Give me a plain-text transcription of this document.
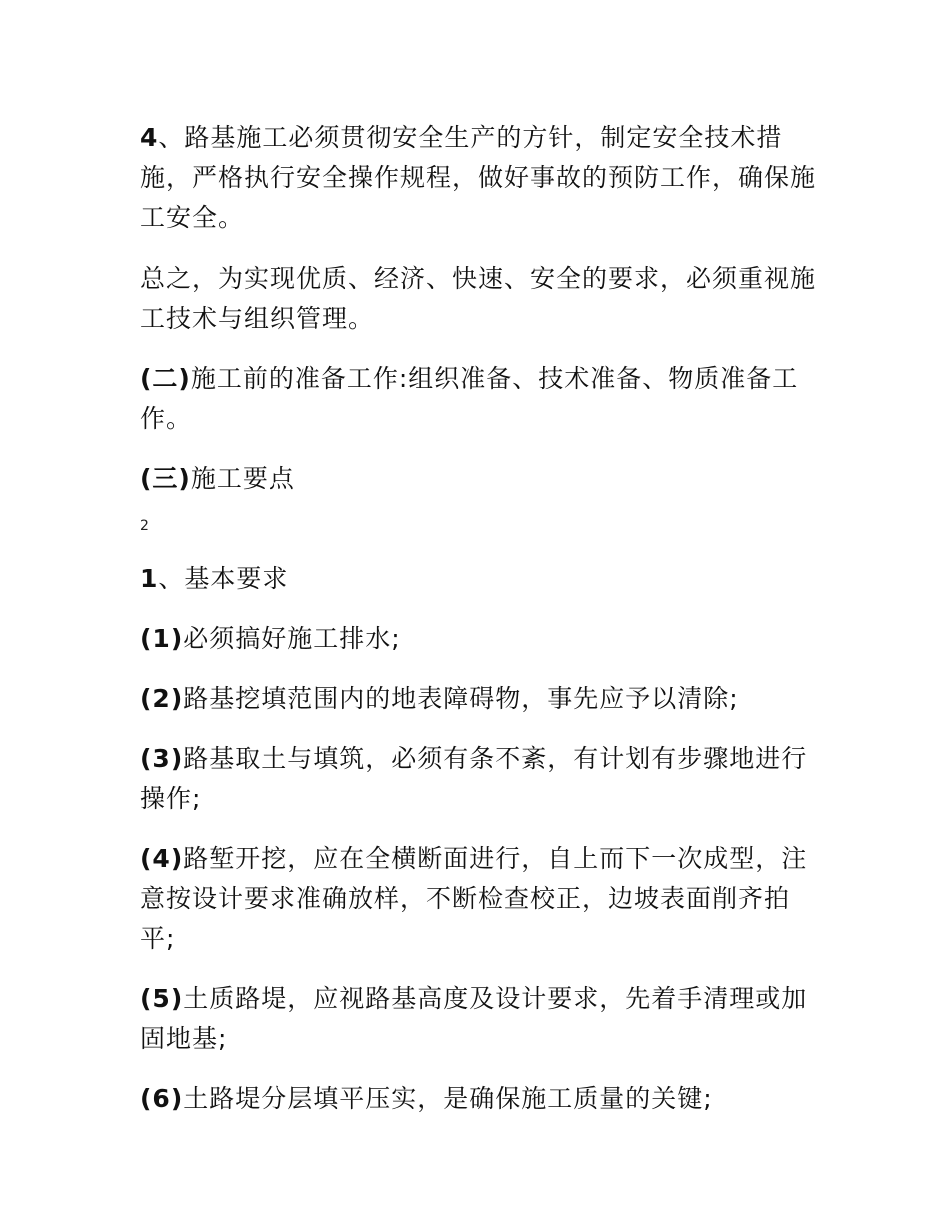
4、路基施工必须贯彻安全生产的方针，制定安全技术措施，严格执行安全操作规程，做好事故的预防工作，确保施工安全。

总之，为实现优质、经济、快速、安全的要求，必须重视施工技术与组织管理。

(二)施工前的准备工作:组织准备、技术准备、物质准备工作。

(三)施工要点

2

1、基本要求

(1)必须搞好施工排水;

(2)路基挖填范围内的地表障碍物，事先应予以清除;

(3)路基取土与填筑，必须有条不紊，有计划有步骤地进行操作;

(4)路堑开挖，应在全横断面进行，自上而下一次成型，注意按设计要求准确放样，不断检查校正，边坡表面削齐拍平;

(5)土质路堤，应视路基高度及设计要求，先着手清理或加固地基;

(6)土路堤分层填平压实，是确保施工质量的关键;
